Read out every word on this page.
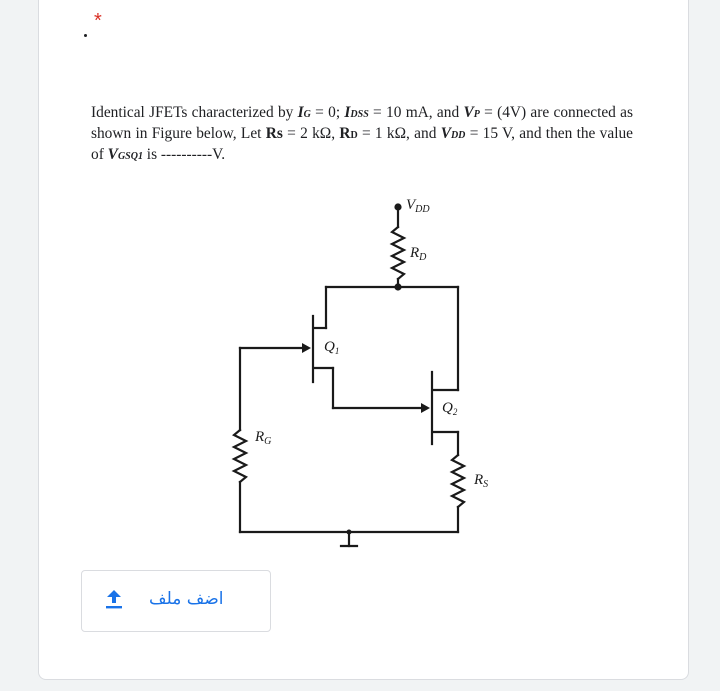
*
Identical JFETs characterized by IG = 0; IDSS = 10 mA, and VP = (4V) are connected as shown in Figure below, Let Rs = 2 kΩ, RD = 1 kΩ, and VDD = 15 V, and then the value of VGSQ1 is ----------V.
$V_{DD}$
$R_D$
$Q_1$
$Q_2$
$R_G$
$R_S$
اضف ملف
